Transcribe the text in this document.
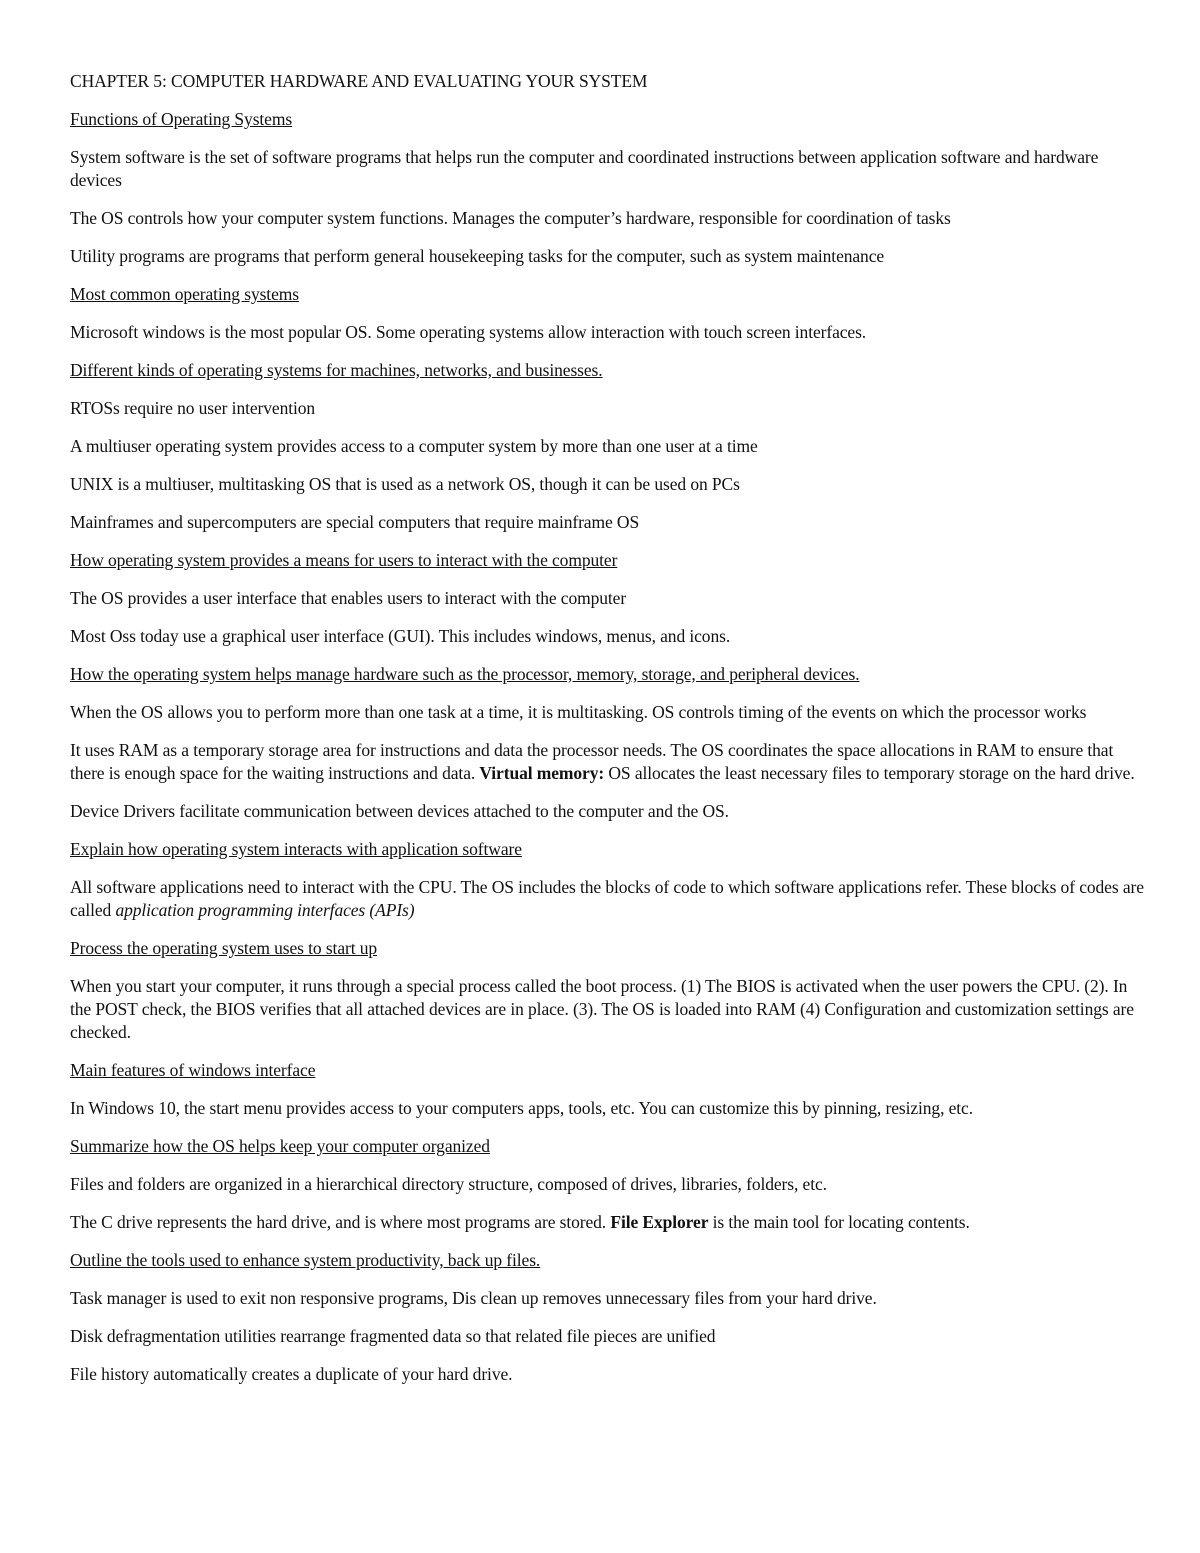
CHAPTER 5: COMPUTER HARDWARE AND EVALUATING YOUR SYSTEM

Functions of Operating Systems

System software is the set of software programs that helps run the computer and coordinated instructions between application software and hardware devices

The OS controls how your computer system functions. Manages the computer’s hardware, responsible for coordination of tasks

Utility programs are programs that perform general housekeeping tasks for the computer, such as system maintenance

Most common operating systems

Microsoft windows is the most popular OS. Some operating systems allow interaction with touch screen interfaces.

Different kinds of operating systems for machines, networks, and businesses.

RTOSs require no user intervention

A multiuser operating system provides access to a computer system by more than one user at a time

UNIX is a multiuser, multitasking OS that is used as a network OS, though it can be used on PCs

Mainframes and supercomputers are special computers that require mainframe OS

How operating system provides a means for users to interact with the computer

The OS provides a user interface that enables users to interact with the computer

Most Oss today use a graphical user interface (GUI). This includes windows, menus, and icons.

How the operating system helps manage hardware such as the processor, memory, storage, and peripheral devices.

When the OS allows you to perform more than one task at a time, it is multitasking. OS controls timing of the events on which the processor works

It uses RAM as a temporary storage area for instructions and data the processor needs. The OS coordinates the space allocations in RAM to ensure that there is enough space for the waiting instructions and data. Virtual memory: OS allocates the least necessary files to temporary storage on the hard drive.

Device Drivers facilitate communication between devices attached to the computer and the OS.

Explain how operating system interacts with application software

All software applications need to interact with the CPU. The OS includes the blocks of code to which software applications refer. These blocks of codes are called application programming interfaces (APIs)

Process the operating system uses to start up

When you start your computer, it runs through a special process called the boot process. (1) The BIOS is activated when the user powers the CPU. (2). In the POST check, the BIOS verifies that all attached devices are in place. (3). The OS is loaded into RAM (4) Configuration and customization settings are checked.

Main features of windows interface

In Windows 10, the start menu provides access to your computers apps, tools, etc. You can customize this by pinning, resizing, etc.

Summarize how the OS helps keep your computer organized

Files and folders are organized in a hierarchical directory structure, composed of drives, libraries, folders, etc.

The C drive represents the hard drive, and is where most programs are stored. File Explorer is the main tool for locating contents.

Outline the tools used to enhance system productivity, back up files.

Task manager is used to exit non responsive programs, Dis clean up removes unnecessary files from your hard drive.

Disk defragmentation utilities rearrange fragmented data so that related file pieces are unified

File history automatically creates a duplicate of your hard drive.
